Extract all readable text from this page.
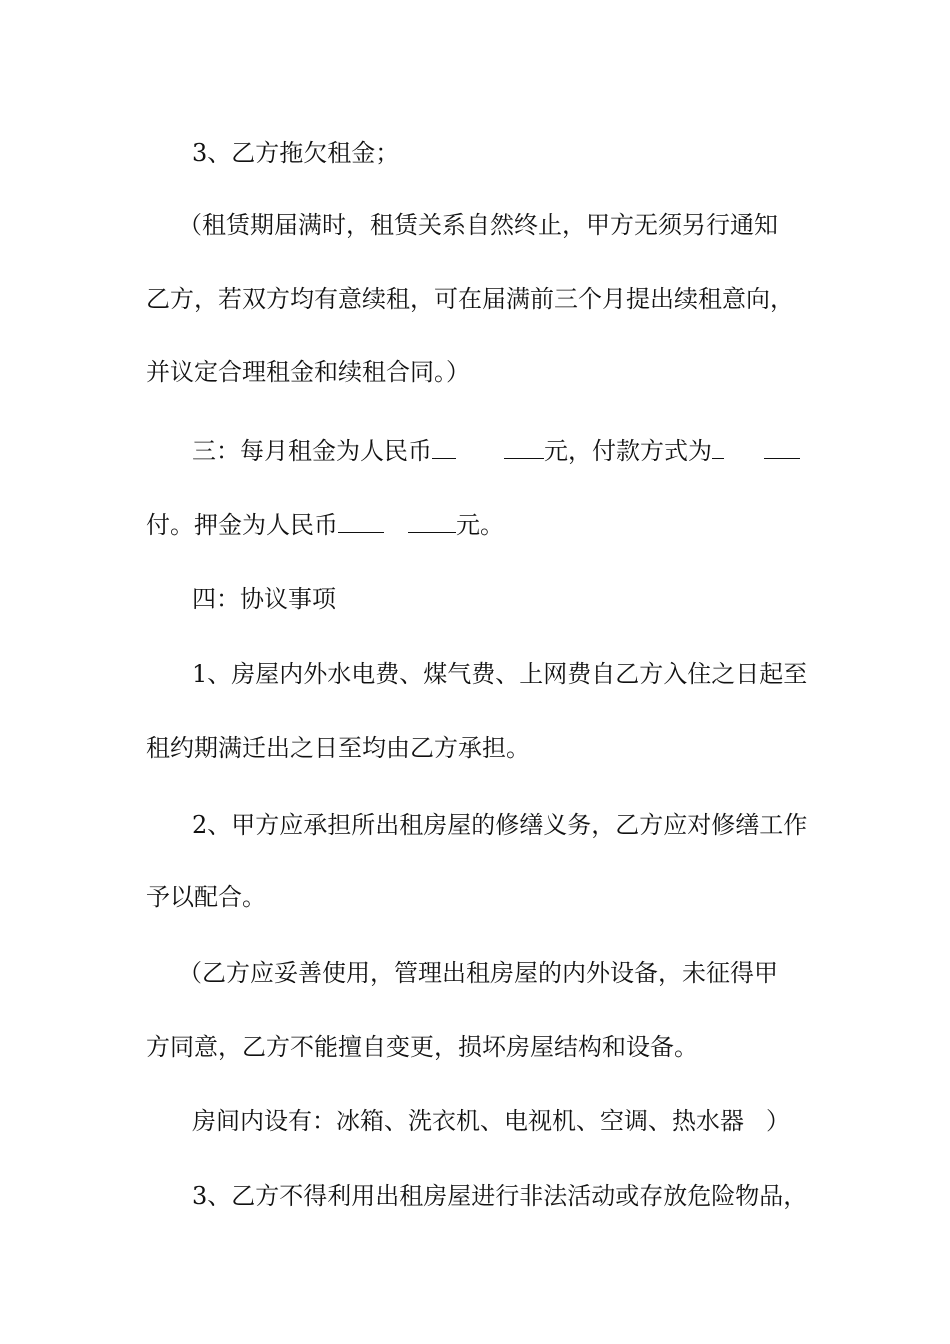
3、乙方拖欠租金；
（租赁期届满时，租赁关系自然终止，甲方无须另行通知
乙方，若双方均有意续租，可在届满前三个月提出续租意向，
并议定合理租金和续租合同。）
三：每月租金为人民币	元，付款方式为
付。押金为人民币	元。
四：协议事项
1、房屋内外水电费、煤气费、上网费自乙方入住之日起至
租约期满迁出之日至均由乙方承担。
2、甲方应承担所出租房屋的修缮义务，乙方应对修缮工作
予以配合。
（乙方应妥善使用，管理出租房屋的内外设备，未征得甲
方同意，乙方不能擅自变更，损坏房屋结构和设备。
房间内设有：冰箱、洗衣机、电视机、空调、热水器 ）
3、乙方不得利用出租房屋进行非法活动或存放危险物品，
